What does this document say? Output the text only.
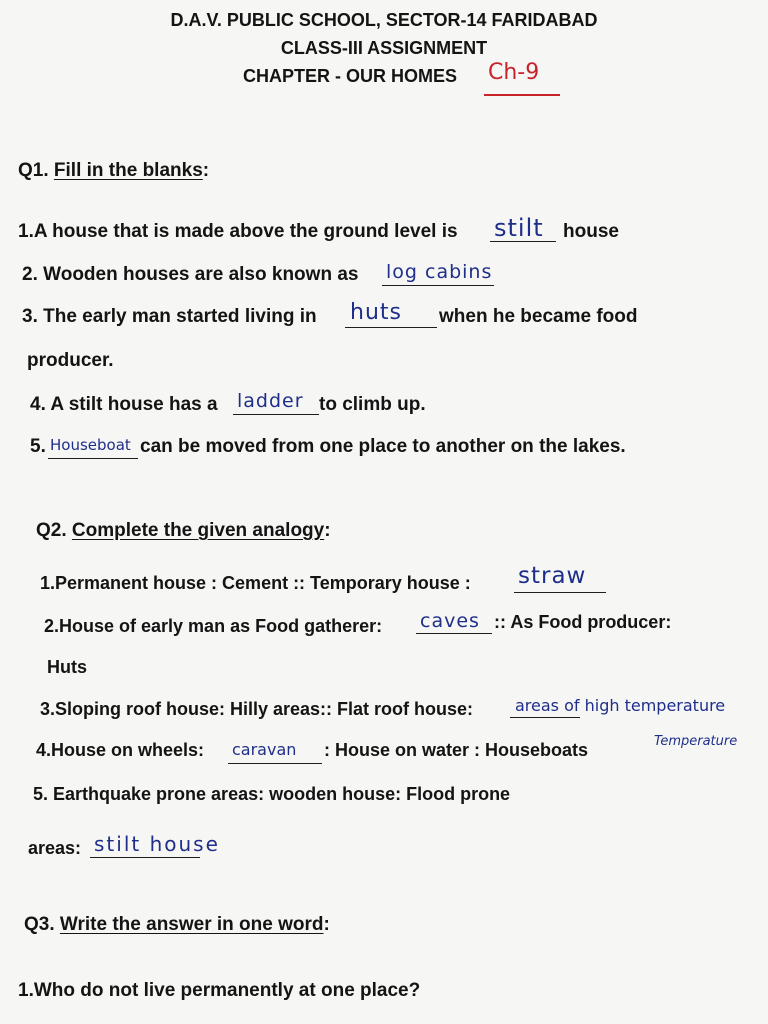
D.A.V. PUBLIC SCHOOL, SECTOR-14 FARIDABAD
CLASS-III ASSIGNMENT
CHAPTER - OUR HOMES Ch-9
Q1. Fill in the blanks:
1.A house that is made above the ground level is stilt house
2. Wooden houses are also known as log cabins
3. The early man started living in huts when he became food
producer.
4. A stilt house has a ladder to climb up.
5. Houseboat can be moved from one place to another on the lakes.
Q2. Complete the given analogy:
1.Permanent house : Cement :: Temporary house : straw
2.House of early man as Food gatherer: caves :: As Food producer:
Huts
3.Sloping roof house: Hilly areas:: Flat roof house:	areas of high temperature
4.House on wheels: caravan : House on water : Houseboats	Temperature
5. Earthquake prone areas: wooden house: Flood prone
areas: stilt house
Q3. Write the answer in one word:
1.Who do not live permanently at one place?
